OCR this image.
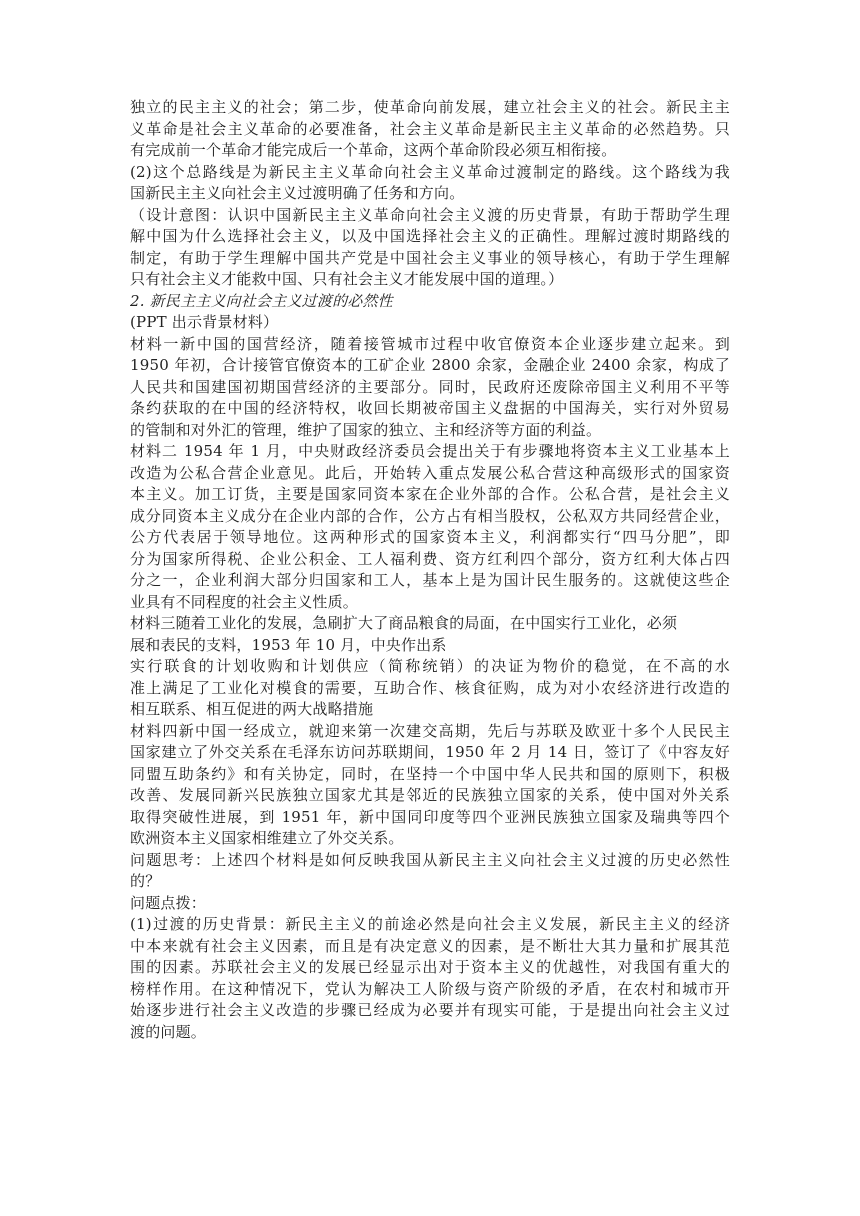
独立的民主主义的社会；第二步，使革命向前发展，建立社会主义的社会。新民主主
义革命是社会主义革命的必要准备，社会主义革命是新民主主义革命的必然趋势。只
有完成前一个革命才能完成后一个革命，这两个革命阶段必须互相衔接。
(2)这个总路线是为新民主主义革命向社会主义革命过渡制定的路线。这个路线为我
国新民主主义向社会主义过渡明确了任务和方向。
（设计意图：认识中国新民主主义革命向社会主义渡的历史背景，有助于帮助学生理
解中国为什么选择社会主义，以及中国选择社会主义的正确性。理解过渡时期路线的
制定，有助于学生理解中国共产党是中国社会主义事业的领导核心，有助于学生理解
只有社会主义才能救中国、只有社会主义才能发展中国的道理。）
2. 新民主主义向社会主义过渡的必然性
(PPT 出示背景材料）
材料一新中国的国营经济，随着接管城市过程中收官僚资本企业逐步建立起来。到
1950 年初，合计接管官僚资本的工矿企业 2800 余家，金融企业 2400 余家，构成了
人民共和国建国初期国营经济的主要部分。同时，民政府还废除帝国主义利用不平等
条约获取的在中国的经济特权，收回长期被帝国主义盘据的中国海关，实行对外贸易
的管制和对外汇的管理，维护了国家的独立、主和经济等方面的利益。
材料二 1954 年 1 月，中央财政经济委员会提出关于有步骤地将资本主义工业基本上
改造为公私合营企业意见。此后，开始转入重点发展公私合营这种高级形式的国家资
本主义。加工订货，主要是国家同资本家在企业外部的合作。公私合营，是社会主义
成分同资本主义成分在企业内部的合作，公方占有相当股权，公私双方共同经营企业，
公方代表居于领导地位。这两种形式的国家资本主义，利润都实行“四马分肥”，即
分为国家所得税、企业公积金、工人福利费、资方红利四个部分，资方红利大体占四
分之一，企业利润大部分归国家和工人，基本上是为国计民生服务的。这就使这些企
业具有不同程度的社会主义性质。
材料三随着工业化的发展，急刷扩大了商品粮食的局面，在中国实行工业化，必须
展和表民的支料，1953 年 10 月，中央作出系
实行联食的计划收购和计划供应（简称统销）的决证为物价的稳觉，在不高的水
准上满足了工业化对模食的需要，互助合作、核食征购，成为对小农经济进行改造的
相互联系、相互促进的两大战略措施
材料四新中国一经成立，就迎来第一次建交高期，先后与苏联及欧亚十多个人民民主
国家建立了外交关系在毛泽东访问苏联期间，1950 年 2 月 14 日，签订了《中容友好
同盟互助条约》和有关协定，同时，在坚持一个中国中华人民共和国的原则下，积极
改善、发展同新兴民族独立国家尤其是邻近的民族独立国家的关系，使中国对外关系
取得突破性进展，到 1951 年，新中国同印度等四个亚洲民族独立国家及瑞典等四个
欧洲资本主义国家相维建立了外交关系。
问题思考：上述四个材料是如何反映我国从新民主主义向社会主义过渡的历史必然性
的？
问题点拨：
(1)过渡的历史背景：新民主主义的前途必然是向社会主义发展，新民主主义的经济
中本来就有社会主义因素，而且是有决定意义的因素，是不断壮大其力量和扩展其范
围的因素。苏联社会主义的发展已经显示出对于资本主义的优越性，对我国有重大的
榜样作用。在这种情况下，党认为解决工人阶级与资产阶级的矛盾，在农村和城市开
始逐步进行社会主义改造的步骤已经成为必要并有现实可能，于是提出向社会主义过
渡的问题。
